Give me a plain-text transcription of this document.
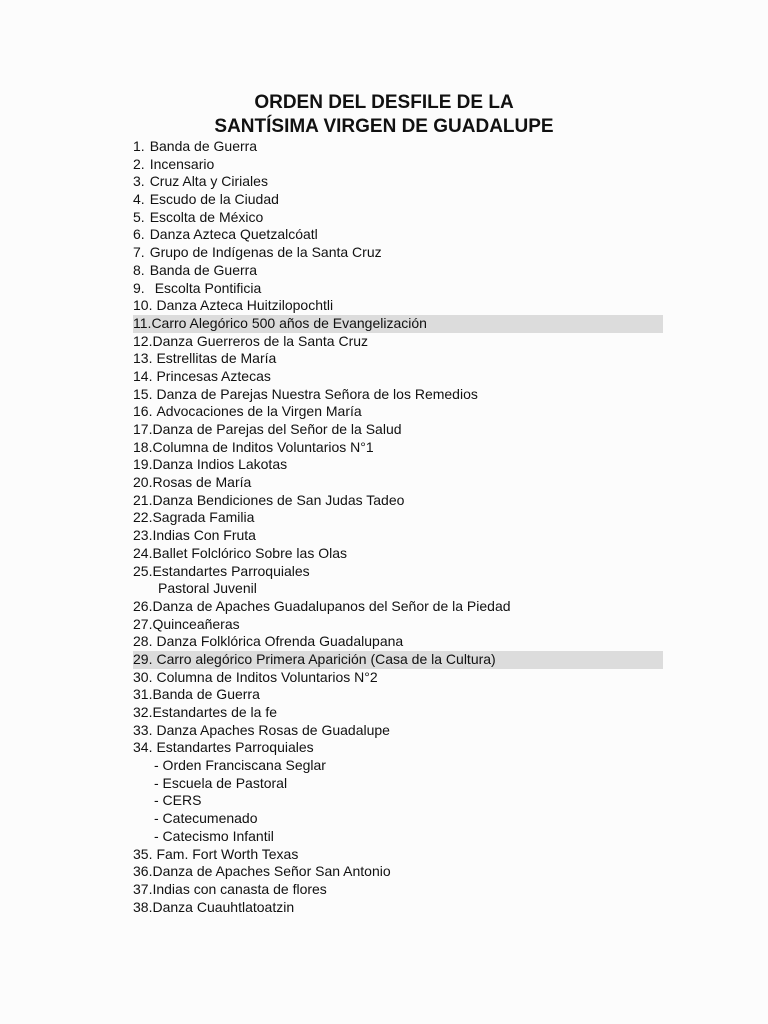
ORDEN DEL DESFILE DE LA
SANTÍSIMA VIRGEN DE GUADALUPE
1. Banda de Guerra
2. Incensario
3. Cruz Alta y Ciriales
4. Escudo de la Ciudad
5. Escolta de México
6. Danza Azteca Quetzalcóatl
7. Grupo de Indígenas de la Santa Cruz
8. Banda de Guerra
9. Escolta Pontificia
10. Danza Azteca Huitzilopochtli
11.Carro Alegórico 500 años de Evangelización
12.Danza Guerreros de la Santa Cruz
13. Estrellitas de María
14. Princesas Aztecas
15. Danza de Parejas Nuestra Señora de los Remedios
16. Advocaciones de la Virgen María
17.Danza de Parejas del Señor de la Salud
18.Columna de Inditos Voluntarios N°1
19.Danza Indios Lakotas
20.Rosas de María
21.Danza Bendiciones de San Judas Tadeo
22.Sagrada Familia
23.Indias Con Fruta
24.Ballet Folclórico Sobre las Olas
25.Estandartes Parroquiales
Pastoral Juvenil
26.Danza de Apaches Guadalupanos del Señor de la Piedad
27.Quinceañeras
28. Danza Folklórica Ofrenda Guadalupana
29. Carro alegórico Primera Aparición (Casa de la Cultura)
30. Columna de Inditos Voluntarios N°2
31.Banda de Guerra
32.Estandartes de la fe
33. Danza Apaches Rosas de Guadalupe
34. Estandartes Parroquiales
- Orden Franciscana Seglar
- Escuela de Pastoral
- CERS
- Catecumenado
- Catecismo Infantil
35. Fam. Fort Worth Texas
36.Danza de Apaches Señor San Antonio
37.Indias con canasta de flores
38.Danza Cuauhtlatoatzin
